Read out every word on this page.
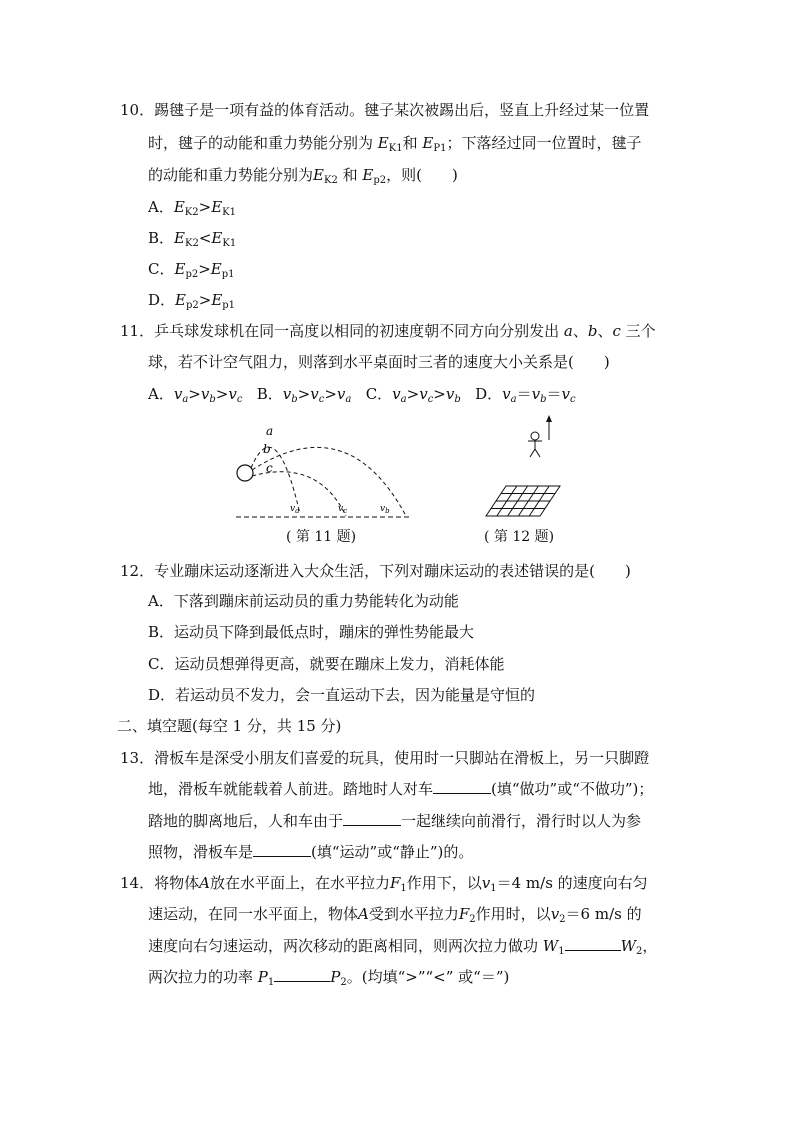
10．踢毽子是一项有益的体育活动。毽子某次被踢出后，竖直上升经过某一位置
时，毽子的动能和重力势能分别为 $E_{K1}$和 $E_{P1}$；下落经过同一位置时，毽子
的动能和重力势能分别为$E_{K2}$ 和 $E_{p2}$，则( )
A．$E_{K2}>E_{K1}$
B．$E_{K2}<E_{K1}$
C．$E_{p2}>E_{p1}$
D．$E_{p2}>E_{p1}$
11．乒乓球发球机在同一高度以相同的初速度朝不同方向分别发出 a、b、c 三个
球，若不计空气阻力，则落到水平桌面时三者的速度大小关系是( )
A．$v_a>v_b>v_c$ B．$v_b>v_c>v_a$ C．$v_a>v_c>v_b$ D．$v_a=v_b=v_c$
a
b
c
$v_a$	$v_c$	$v_b$
( 第 11 题)	( 第 12 题)
12．专业蹦床运动逐渐进入大众生活，下列对蹦床运动的表述错误的是( )
A．下落到蹦床前运动员的重力势能转化为动能
B．运动员下降到最低点时，蹦床的弹性势能最大
C．运动员想弹得更高，就要在蹦床上发力，消耗体能
D．若运动员不发力，会一直运动下去，因为能量是守恒的
二、填空题(每空 1 分，共 15 分)
13．滑板车是深受小朋友们喜爱的玩具，使用时一只脚站在滑板上，另一只脚蹬
地，滑板车就能载着人前进。踏地时人对车	(填“做功”或“不做功”)；
踏地的脚离地后，人和车由于	一起继续向前滑行，滑行时以人为参
照物，滑板车是	(填“运动”或“静止”)的。
14．将物体A放在水平面上，在水平拉力$F_1$作用下，以$v_1=4$ m/s 的速度向右匀
速运动，在同一水平面上，物体A受到水平拉力$F_2$作用时，以$v_2=6$ m/s 的
速度向右匀速运动，两次移动的距离相同，则两次拉力做功 $W_1$	$W_2$，
两次拉力的功率 $P_1$	$P_2$。(均填“>”“<” 或“＝”)
